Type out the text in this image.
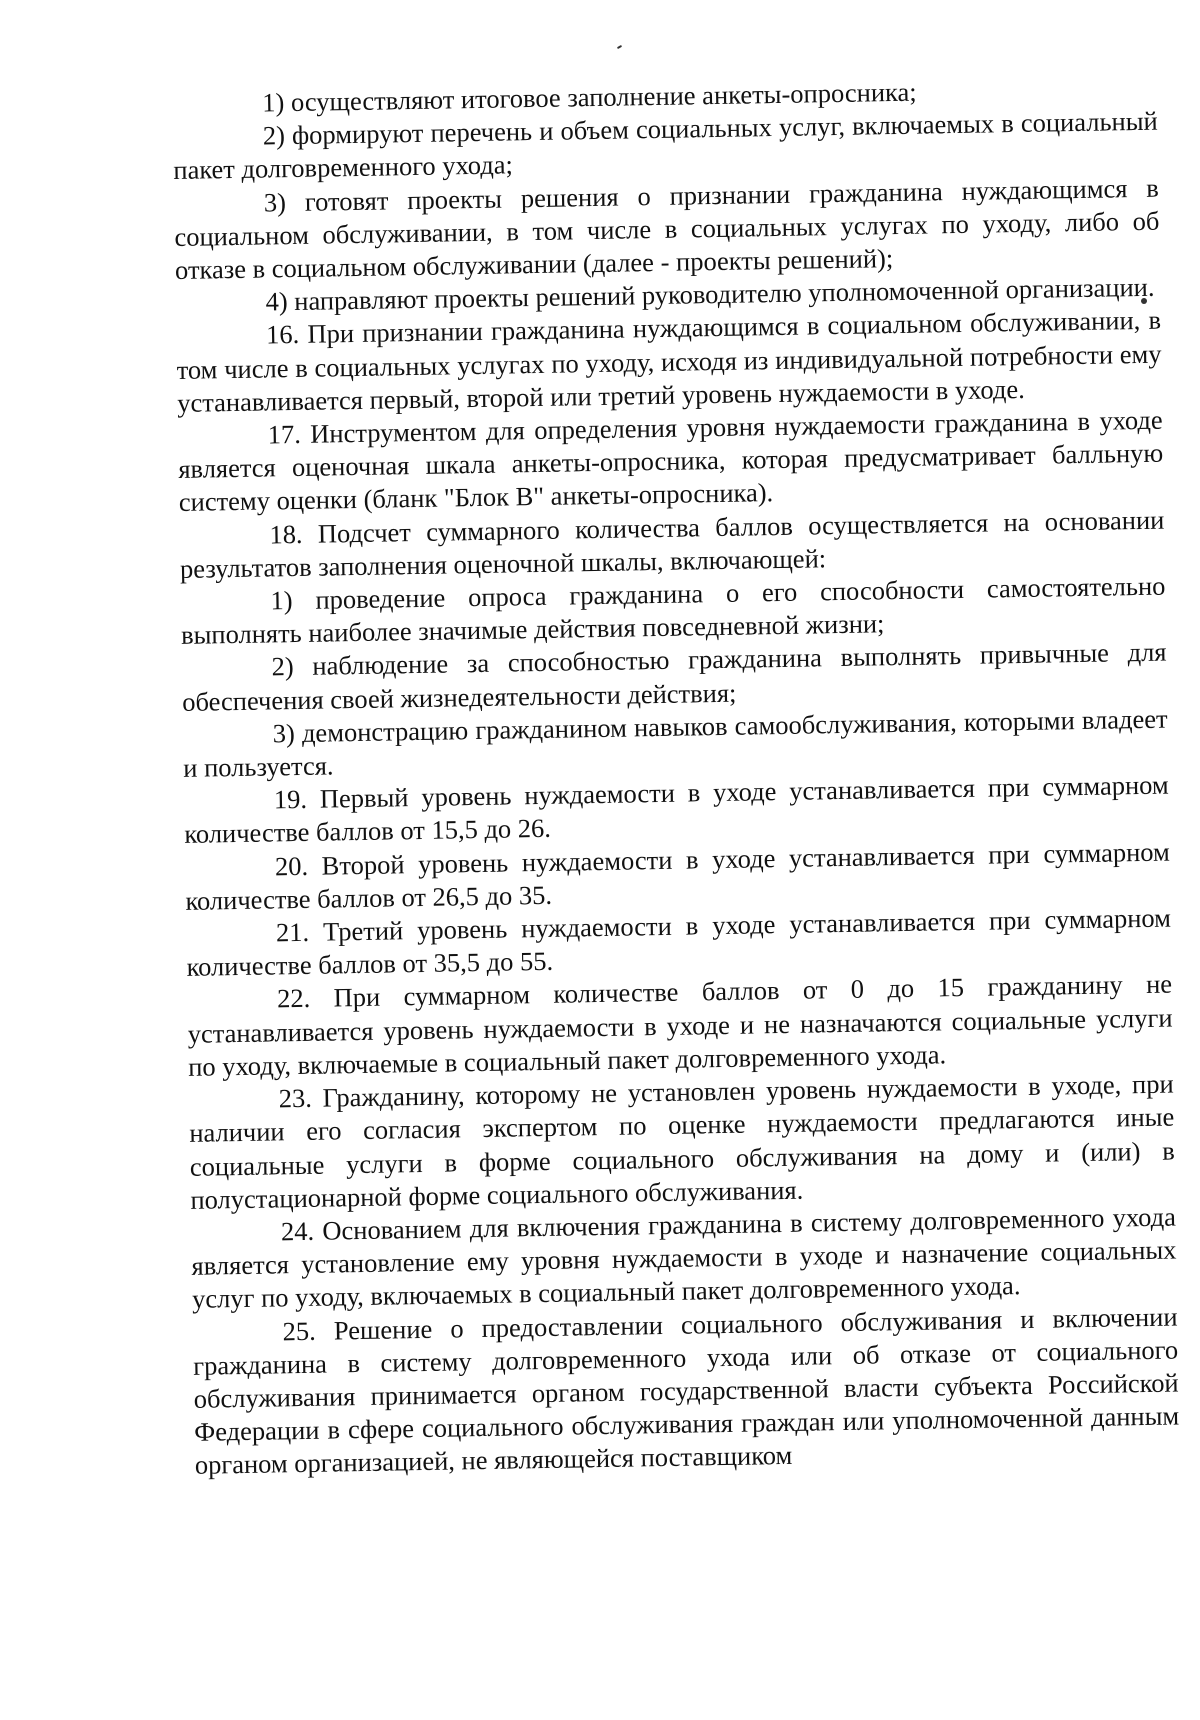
1) осуществляют итоговое заполнение анкеты-опросника;

2) формируют перечень и объем социальных услуг, включаемых в социальный пакет долговременного ухода;

3) готовят проекты решения о признании гражданина нуждающимся в социальном обслуживании, в том числе в социальных услугах по уходу, либо об отказе в социальном обслуживании (далее - проекты решений);

4) направляют проекты решений руководителю уполномоченной организации.

16. При признании гражданина нуждающимся в социальном обслуживании, в том числе в социальных услугах по уходу, исходя из индивидуальной потребности ему устанавливается первый, второй или третий уровень нуждаемости в уходе.

17. Инструментом для определения уровня нуждаемости гражданина в уходе является оценочная шкала анкеты-опросника, которая предусматривает балльную систему оценки (бланк "Блок В" анкеты-опросника).

18. Подсчет суммарного количества баллов осуществляется на основании результатов заполнения оценочной шкалы, включающей:

1) проведение опроса гражданина о его способности самостоятельно выполнять наиболее значимые действия повседневной жизни;

2) наблюдение за способностью гражданина выполнять привычные для обеспечения своей жизнедеятельности действия;

3) демонстрацию гражданином навыков самообслуживания, которыми владеет и пользуется.

19. Первый уровень нуждаемости в уходе устанавливается при суммарном количестве баллов от 15,5 до 26.

20. Второй уровень нуждаемости в уходе устанавливается при суммарном количестве баллов от 26,5 до 35.

21. Третий уровень нуждаемости в уходе устанавливается при суммарном количестве баллов от 35,5 до 55.

22. При суммарном количестве баллов от 0 до 15 гражданину не устанавливается уровень нуждаемости в уходе и не назначаются социальные услуги по уходу, включаемые в социальный пакет долговременного ухода.

23. Гражданину, которому не установлен уровень нуждаемости в уходе, при наличии его согласия экспертом по оценке нуждаемости предлагаются иные социальные услуги в форме социального обслуживания на дому и (или) в полустационарной форме социального обслуживания.

24. Основанием для включения гражданина в систему долговременного ухода является установление ему уровня нуждаемости в уходе и назначение социальных услуг по уходу, включаемых в социальный пакет долговременного ухода.

25. Решение о предоставлении социального обслуживания и включении гражданина в систему долговременного ухода или об отказе от социального обслуживания принимается органом государственной власти субъекта Российской Федерации в сфере социального обслуживания граждан или уполномоченной данным органом организацией, не являющейся поставщиком
